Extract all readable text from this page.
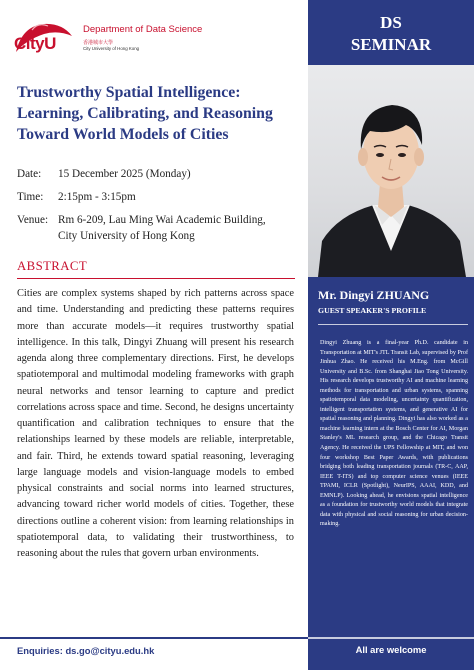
CityU
Department of Data Science
香港城市大學
City University of Hong Kong
Trustworthy Spatial Intelligence:
Learning, Calibrating, and Reasoning
Toward World Models of Cities
Date: 15 December 2025 (Monday)
Time: 2:15pm - 3:15pm
Venue: Rm 6-209, Lau Ming Wai Academic Building,
City University of Hong Kong
ABSTRACT
Cities are complex systems shaped by rich patterns across space and time. Understanding and predicting these patterns requires more than accurate models—it requires trustworthy spatial intelligence. In this talk, Dingyi Zhuang will present his research agenda along three complementary directions. First, he develops spatiotemporal and multimodal modeling frameworks with graph neural networks and tensor learning to capture and predict correlations across space and time. Second, he designs uncertainty quantification and calibration techniques to ensure that the relationships learned by these models are reliable, interpretable, and fair. Third, he extends toward spatial reasoning, leveraging large language models and vision-language models to embed physical constraints and social norms into learned structures, advancing toward richer world models of cities. Together, these directions outline a coherent vision: from learning relationships in spatiotemporal data, to validating their trustworthiness, to reasoning about the rules that govern urban environments.
Enquiries: ds.go@cityu.edu.hk
DS
SEMINAR
Mr. Dingyi ZHUANG
GUEST SPEAKER'S PROFILE
Dingyi Zhuang is a final-year Ph.D. candidate in Transportation at MIT's JTL Transit Lab, supervised by Prof Jinhua Zhao. He received his M.Eng. from McGill University and B.Sc. from Shanghai Jiao Tong University. His research develops trustworthy AI and machine learning methods for transportation and urban systems, spanning spatiotemporal data modeling, uncertainty quantification, intelligent transportation systems, and generative AI for spatial reasoning and planning. Dingyi has also worked as a machine learning intern at the Bosch Center for AI, Morgan Stanley's ML research group, and the Chicago Transit Agency. He received the UPS Fellowship at MIT, and won four workshop Best Paper Awards, with publications bridging both leading transportation journals (TR-C, AAP, IEEE T-ITS) and top computer science venues (IEEE TPAMI, ICLR (Spotlight), NeurIPS, AAAI, KDD, and EMNLP). Looking ahead, he envisions spatial intelligence as a foundation for trustworthy world models that integrate data with physical and social reasoning for urban decision-making.
All are welcome
